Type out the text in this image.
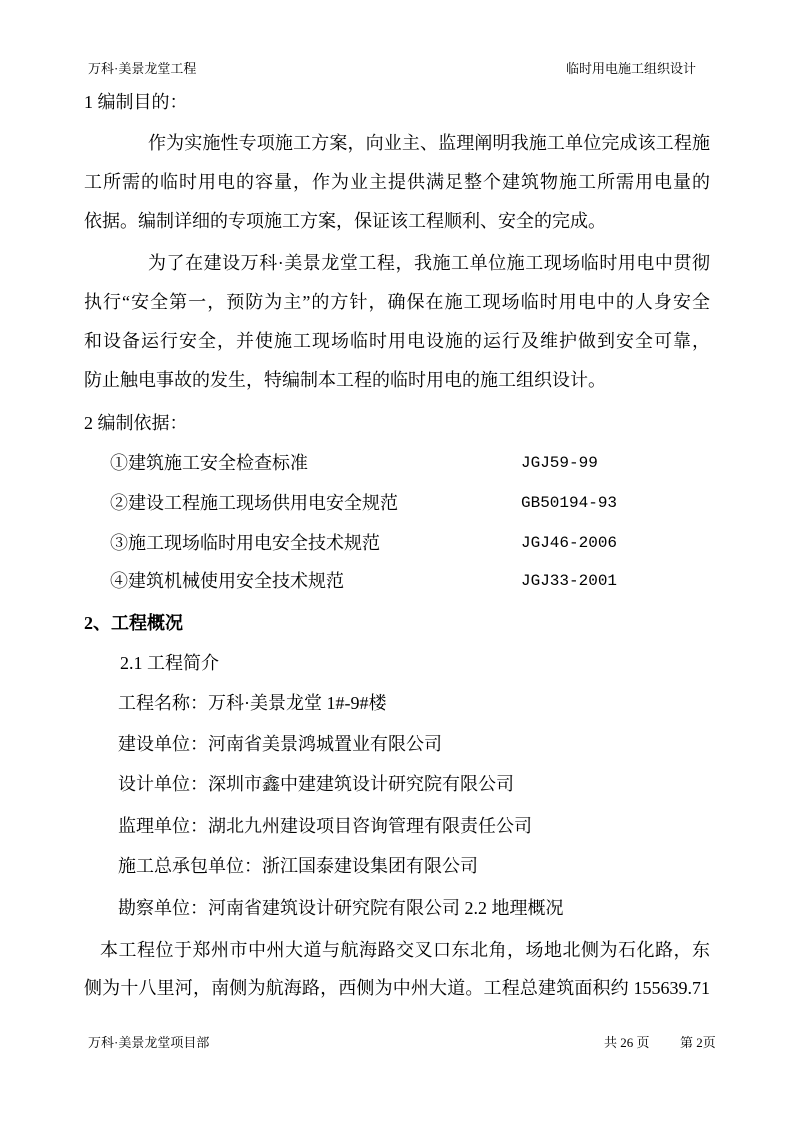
万科·美景龙堂工程	临时用电施工组织设计
1 编制目的：
作为实施性专项施工方案，向业主、监理阐明我施工单位完成该工程施
工所需的临时用电的容量，作为业主提供满足整个建筑物施工所需用电量的
依据。编制详细的专项施工方案，保证该工程顺利、安全的完成。
为了在建设万科·美景龙堂工程，我施工单位施工现场临时用电中贯彻
执行“安全第一，预防为主”的方针，确保在施工现场临时用电中的人身安全
和设备运行安全，并使施工现场临时用电设施的运行及维护做到安全可靠，
防止触电事故的发生，特编制本工程的临时用电的施工组织设计。
2 编制依据：
①建筑施工安全检查标准	JGJ59-99
②建设工程施工现场供用电安全规范	GB50194-93
③施工现场临时用电安全技术规范	JGJ46-2006
④建筑机械使用安全技术规范	JGJ33-2001
2、工程概况
2.1 工程简介
工程名称：万科·美景龙堂 1#-9#楼
建设单位：河南省美景鸿城置业有限公司
设计单位：深圳市鑫中建建筑设计研究院有限公司
监理单位：湖北九州建设项目咨询管理有限责任公司
施工总承包单位：浙江国泰建设集团有限公司
勘察单位：河南省建筑设计研究院有限公司 2.2 地理概况
本工程位于郑州市中州大道与航海路交叉口东北角，场地北侧为石化路，东
侧为十八里河，南侧为航海路，西侧为中州大道。工程总建筑面积约 155639.71
万科·美景龙堂项目部	共 26 页 第 2页
